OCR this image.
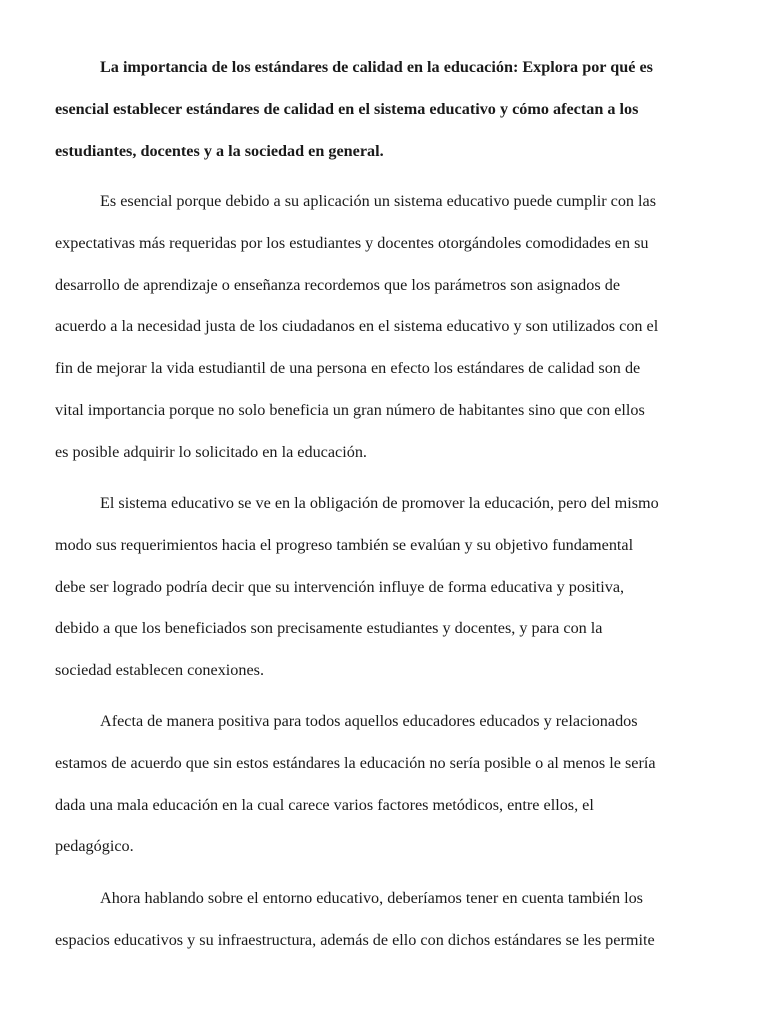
La importancia de los estándares de calidad en la educación: Explora por qué es
esencial establecer estándares de calidad en el sistema educativo y cómo afectan a los
estudiantes, docentes y a la sociedad en general.

Es esencial porque debido a su aplicación un sistema educativo puede cumplir con las
expectativas más requeridas por los estudiantes y docentes otorgándoles comodidades en su
desarrollo de aprendizaje o enseñanza recordemos que los parámetros son asignados de
acuerdo a la necesidad justa de los ciudadanos en el sistema educativo y son utilizados con el
fin de mejorar la vida estudiantil de una persona en efecto los estándares de calidad son de
vital importancia porque no solo beneficia un gran número de habitantes sino que con ellos
es posible adquirir lo solicitado en la educación.

El sistema educativo se ve en la obligación de promover la educación, pero del mismo
modo sus requerimientos hacia el progreso también se evalúan y su objetivo fundamental
debe ser logrado podría decir que su intervención influye de forma educativa y positiva,
debido a que los beneficiados son precisamente estudiantes y docentes, y para con la
sociedad establecen conexiones.

Afecta de manera positiva para todos aquellos educadores educados y relacionados
estamos de acuerdo que sin estos estándares la educación no sería posible o al menos le sería
dada una mala educación en la cual carece varios factores metódicos, entre ellos, el
pedagógico.

Ahora hablando sobre el entorno educativo, deberíamos tener en cuenta también los
espacios educativos y su infraestructura, además de ello con dichos estándares se les permite
